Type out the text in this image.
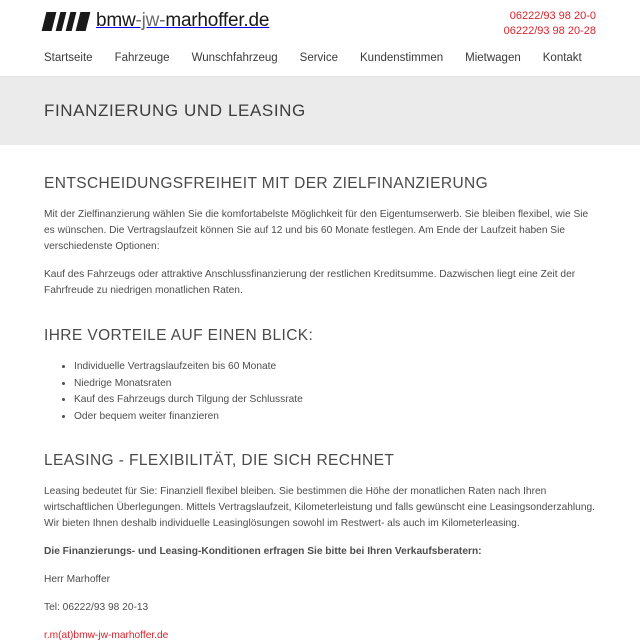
bmw-jw-marhoffer.de	06222/93 98 20-0
06222/93 98 20-28
Startseite Fahrzeuge Wunschfahrzeug Service Kundenstimmen Mietwagen Kontakt
FINANZIERUNG UND LEASING
ENTSCHEIDUNGSFREIHEIT MIT DER ZIELFINANZIERUNG

Mit der Zielfinanzierung wählen Sie die komfortabelste Möglichkeit für den Eigentumserwerb. Sie bleiben flexibel, wie Sie es wünschen. Die Vertragslaufzeit können Sie auf 12 und bis 60 Monate festlegen. Am Ende der Laufzeit haben Sie verschiedenste Optionen:

Kauf des Fahrzeugs oder attraktive Anschlussfinanzierung der restlichen Kreditsumme. Dazwischen liegt eine Zeit der Fahrfreude zu niedrigen monatlichen Raten.

IHRE VORTEILE AUF EINEN BLICK:
• Individuelle Vertragslaufzeiten bis 60 Monate
• Niedrige Monatsraten
• Kauf des Fahrzeugs durch Tilgung der Schlussrate
• Oder bequem weiter finanzieren
LEASING - FLEXIBILITÄT, DIE SICH RECHNET

Leasing bedeutet für Sie: Finanziell flexibel bleiben. Sie bestimmen die Höhe der monatlichen Raten nach Ihren wirtschaftlichen Überlegungen. Mittels Vertragslaufzeit, Kilometerleistung und falls gewünscht eine Leasingsonderzahlung. Wir bieten Ihnen deshalb individuelle Leasinglösungen sowohl im Restwert- als auch im Kilometerleasing.

Die Finanzierungs- und Leasing-Konditionen erfragen Sie bitte bei Ihren Verkaufsberatern:

Herr Marhoffer

Tel: 06222/93 98 20-13

r.m(at)bmw-jw-marhoffer.de
